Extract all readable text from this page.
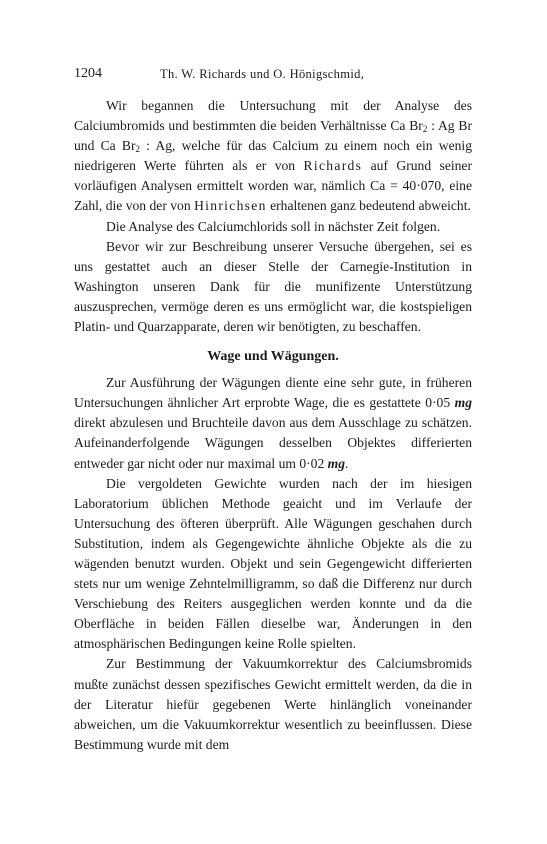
1204	Th. W. Richards und O. Hönigschmid,

Wir begannen die Untersuchung mit der Analyse des Calciumbromids und bestimmten die beiden Verhältnisse Ca $Br_2$ : Ag Br und Ca $Br_2$ : Ag, welche für das Calcium zu einem noch ein wenig niedrigeren Werte führten als er von Richards auf Grund seiner vorläufigen Analysen ermittelt worden war, nämlich Ca = 40·070, eine Zahl, die von der von Hinrichsen erhaltenen ganz bedeutend abweicht.

Die Analyse des Calciumchlorids soll in nächster Zeit folgen.

Bevor wir zur Beschreibung unserer Versuche übergehen, sei es uns gestattet auch an dieser Stelle der Carnegie-Institution in Washington unseren Dank für die munifizente Unterstützung auszusprechen, vermöge deren es uns ermöglicht war, die kostspieligen Platin- und Quarzapparate, deren wir benötigten, zu beschaffen.

Wage und Wägungen.

Zur Ausführung der Wägungen diente eine sehr gute, in früheren Untersuchungen ähnlicher Art erprobte Wage, die es gestattete 0·05 mg direkt abzulesen und Bruchteile davon aus dem Ausschlage zu schätzen. Aufeinanderfolgende Wägungen desselben Objektes differierten entweder gar nicht oder nur maximal um 0·02 mg.

Die vergoldeten Gewichte wurden nach der im hiesigen Laboratorium üblichen Methode geaicht und im Verlaufe der Untersuchung des öfteren überprüft. Alle Wägungen geschahen durch Substitution, indem als Gegengewichte ähnliche Objekte als die zu wägenden benutzt wurden. Objekt und sein Gegengewicht differierten stets nur um wenige Zehntelmilligramm, so daß die Differenz nur durch Verschiebung des Reiters ausgeglichen werden konnte und da die Oberfläche in beiden Fällen dieselbe war, Änderungen in den atmosphärischen Bedingungen keine Rolle spielten.

Zur Bestimmung der Vakuumkorrektur des Calciumsbromids mußte zunächst dessen spezifisches Gewicht ermittelt werden, da die in der Literatur hiefür gegebenen Werte hinlänglich voneinander abweichen, um die Vakuumkorrektur wesentlich zu beeinflussen. Diese Bestimmung wurde mit dem
